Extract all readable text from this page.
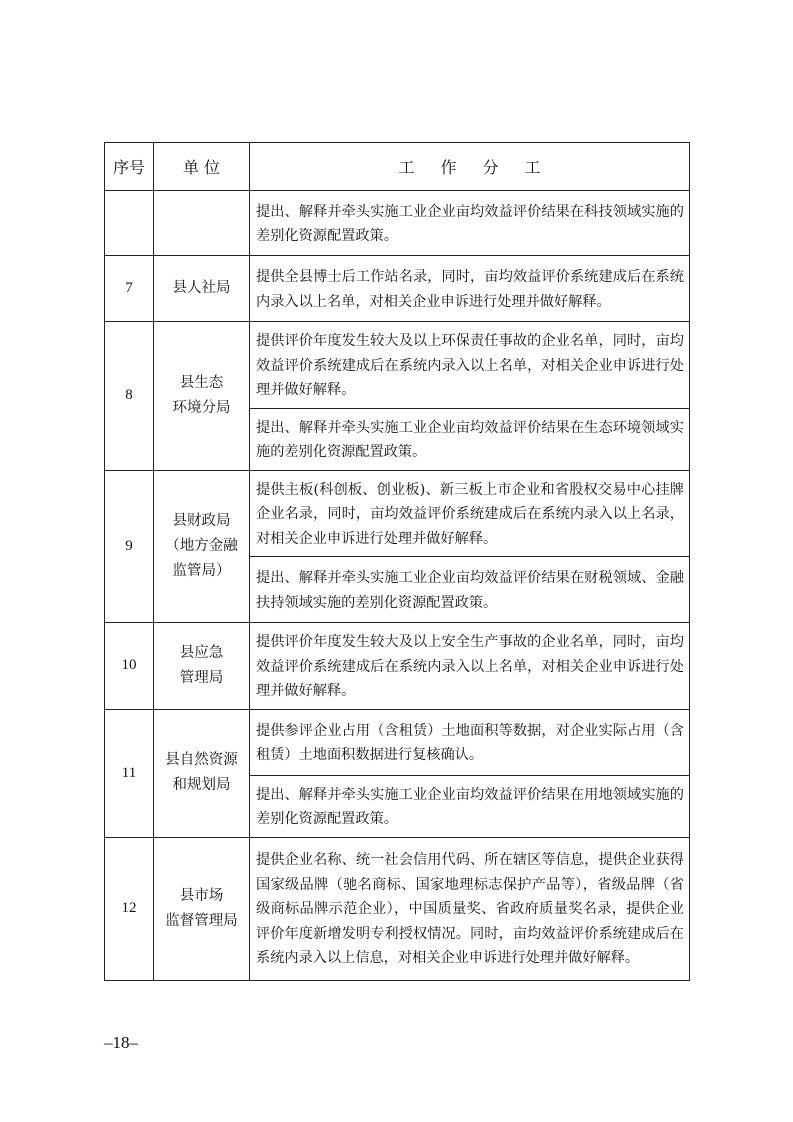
序号	单 位	工作分工
		提出、解释并牵头实施工业企业亩均效益评价结果在科技领域实施的差别化资源配置政策。
7	县人社局	提供全县博士后工作站名录，同时，亩均效益评价系统建成后在系统内录入以上名单，对相关企业申诉进行处理并做好解释。
8	县生态
环境分局	提供评价年度发生较大及以上环保责任事故的企业名单，同时，亩均效益评价系统建成后在系统内录入以上名单，对相关企业申诉进行处理并做好解释。
		提出、解释并牵头实施工业企业亩均效益评价结果在生态环境领域实施的差别化资源配置政策。
9	县财政局
（地方金融
监管局）	提供主板(科创板、创业板)、新三板上市企业和省股权交易中心挂牌企业名录，同时，亩均效益评价系统建成后在系统内录入以上名录，对相关企业申诉进行处理并做好解释。
		提出、解释并牵头实施工业企业亩均效益评价结果在财税领域、金融扶持领域实施的差别化资源配置政策。
10	县应急
管理局	提供评价年度发生较大及以上安全生产事故的企业名单，同时，亩均效益评价系统建成后在系统内录入以上名单，对相关企业申诉进行处理并做好解释。
11	县自然资源
和规划局	提供参评企业占用（含租赁）土地面积等数据，对企业实际占用（含租赁）土地面积数据进行复核确认。
		提出、解释并牵头实施工业企业亩均效益评价结果在用地领域实施的差别化资源配置政策。
12	县市场
监督管理局	提供企业名称、统一社会信用代码、所在辖区等信息，提供企业获得国家级品牌（驰名商标、国家地理标志保护产品等），省级品牌（省级商标品牌示范企业），中国质量奖、省政府质量奖名录，提供企业评价年度新增发明专利授权情况。同时，亩均效益评价系统建成后在系统内录入以上信息，对相关企业申诉进行处理并做好解释。
–18–
